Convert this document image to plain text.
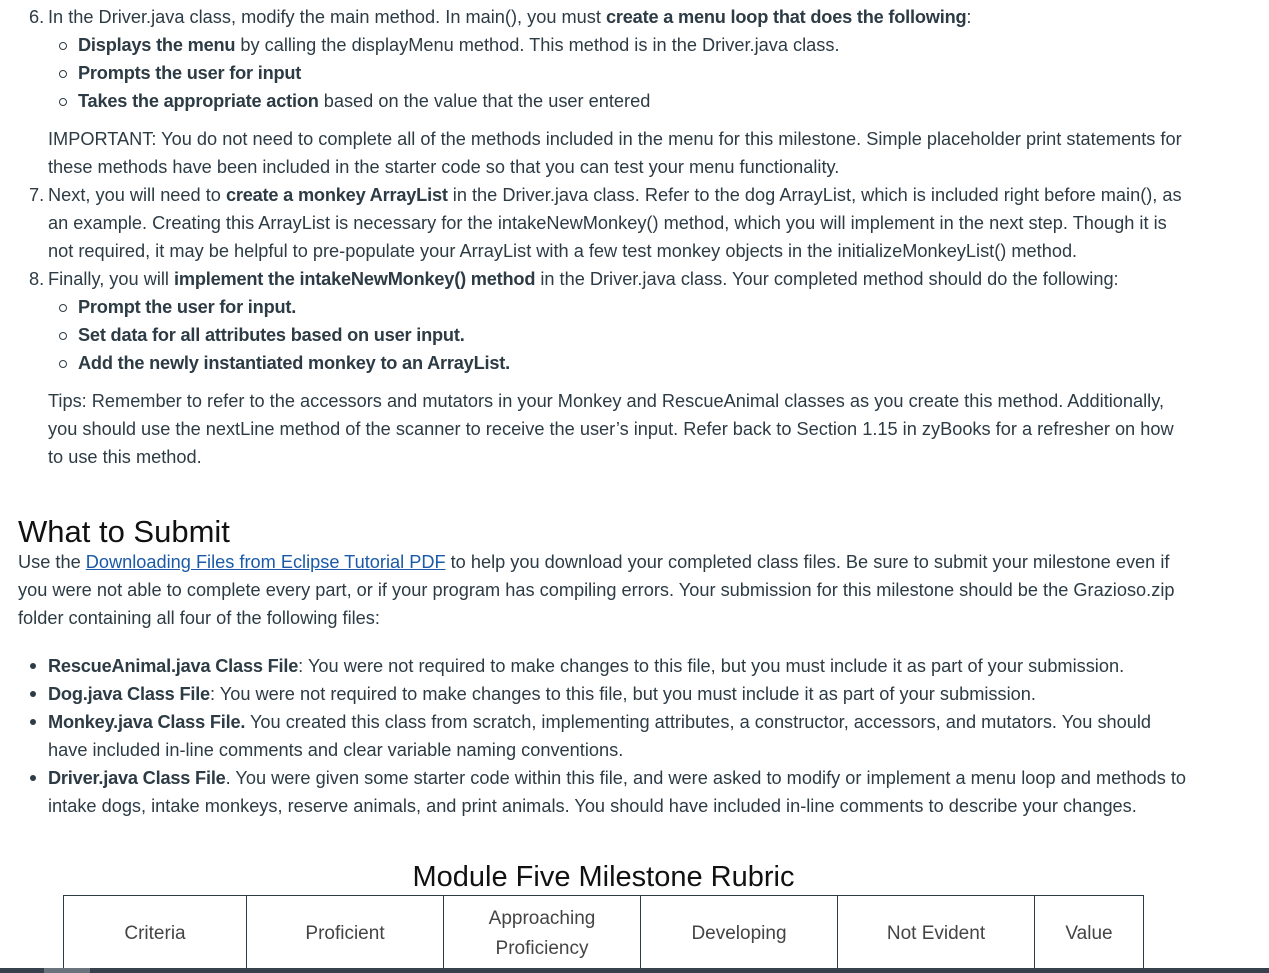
6. In the Driver.java class, modify the main method. In main(), you must create a menu loop that does the following:
Displays the menu by calling the displayMenu method. This method is in the Driver.java class.
Prompts the user for input
Takes the appropriate action based on the value that the user entered

IMPORTANT: You do not need to complete all of the methods included in the menu for this milestone. Simple placeholder print statements for these methods have been included in the starter code so that you can test your menu functionality.

7. Next, you will need to create a monkey ArrayList in the Driver.java class. Refer to the dog ArrayList, which is included right before main(), as an example. Creating this ArrayList is necessary for the intakeNewMonkey() method, which you will implement in the next step. Though it is not required, it may be helpful to pre-populate your ArrayList with a few test monkey objects in the initializeMonkeyList() method.
8. Finally, you will implement the intakeNewMonkey() method in the Driver.java class. Your completed method should do the following:
Prompt the user for input.
Set data for all attributes based on user input.
Add the newly instantiated monkey to an ArrayList.

Tips: Remember to refer to the accessors and mutators in your Monkey and RescueAnimal classes as you create this method. Additionally, you should use the nextLine method of the scanner to receive the user’s input. Refer back to Section 1.15 in zyBooks for a refresher on how to use this method.

What to Submit

Use the Downloading Files from Eclipse Tutorial PDF to help you download your completed class files. Be sure to submit your milestone even if you were not able to complete every part, or if your program has compiling errors. Your submission for this milestone should be the Grazioso.zip folder containing all four of the following files:

RescueAnimal.java Class File: You were not required to make changes to this file, but you must include it as part of your submission.
Dog.java Class File: You were not required to make changes to this file, but you must include it as part of your submission.
Monkey.java Class File. You created this class from scratch, implementing attributes, a constructor, accessors, and mutators. You should have included in-line comments and clear variable naming conventions.
Driver.java Class File. You were given some starter code within this file, and were asked to modify or implement a menu loop and methods to intake dogs, intake monkeys, reserve animals, and print animals. You should have included in-line comments to describe your changes.
Module Five Milestone Rubric
Criteria	Proficient	Approaching Proficiency	Developing	Not Evident	Value
